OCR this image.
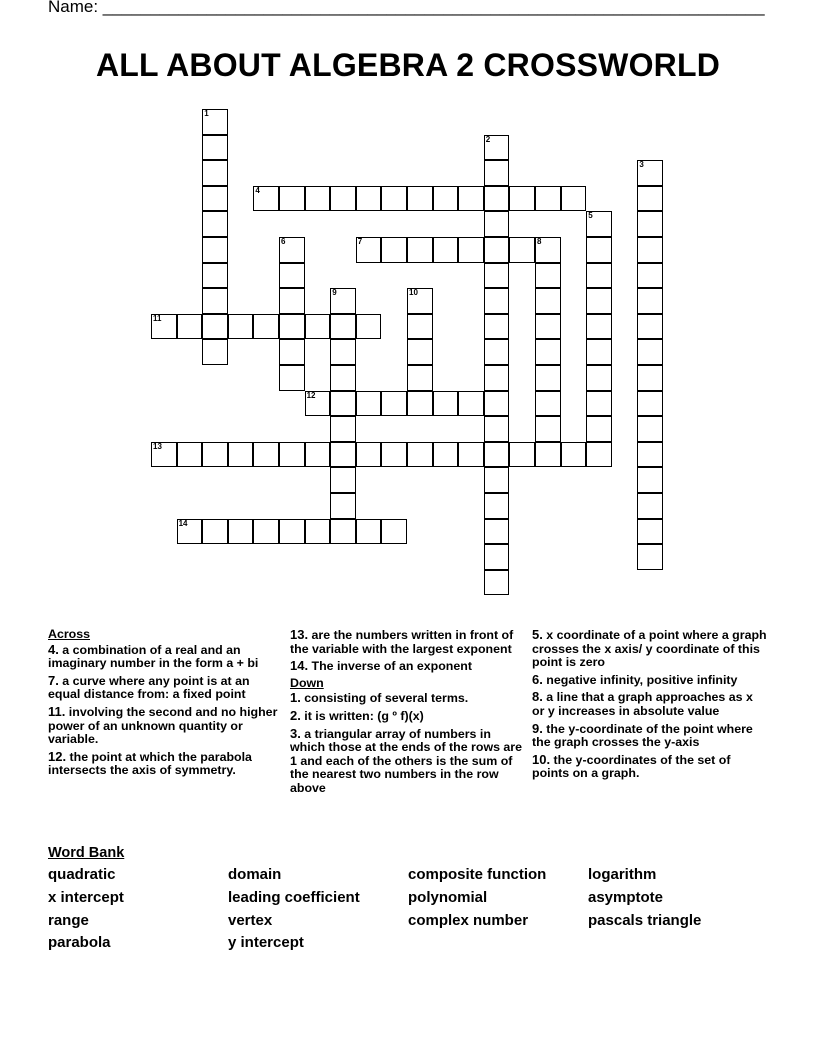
Name: ______________________________________________________________________
ALL ABOUT ALGEBRA 2 CROSSWORLD
1
2
3
4
5
6	7	8
9	10
11
12
13
14
Across
4. a combination of a real and an imaginary number in the form a + bi
7. a curve where any point is at an equal distance from: a fixed point
11. involving the second and no higher power of an unknown quantity or variable.
12. the point at which the parabola intersects the axis of symmetry.
13. are the numbers written in front of the variable with the largest exponent
14. The inverse of an exponent
Down
1. consisting of several terms.
2. it is written: (g º f)(x)
3. a triangular array of numbers in which those at the ends of the rows are 1 and each of the others is the sum of the nearest two numbers in the row above
5. x coordinate of a point where a graph crosses the x axis/ y coordinate of this point is zero
6. negative infinity, positive infinity
8. a line that a graph approaches as x or y increases in absolute value
9. the y-coordinate of the point where the graph crosses the y-axis
10. the y-coordinates of the set of points on a graph.
Word Bank
quadratic	domain	composite function	logarithm
x intercept	leading coefficient	polynomial	asymptote
range	vertex	complex number	pascals triangle
parabola	y intercept
